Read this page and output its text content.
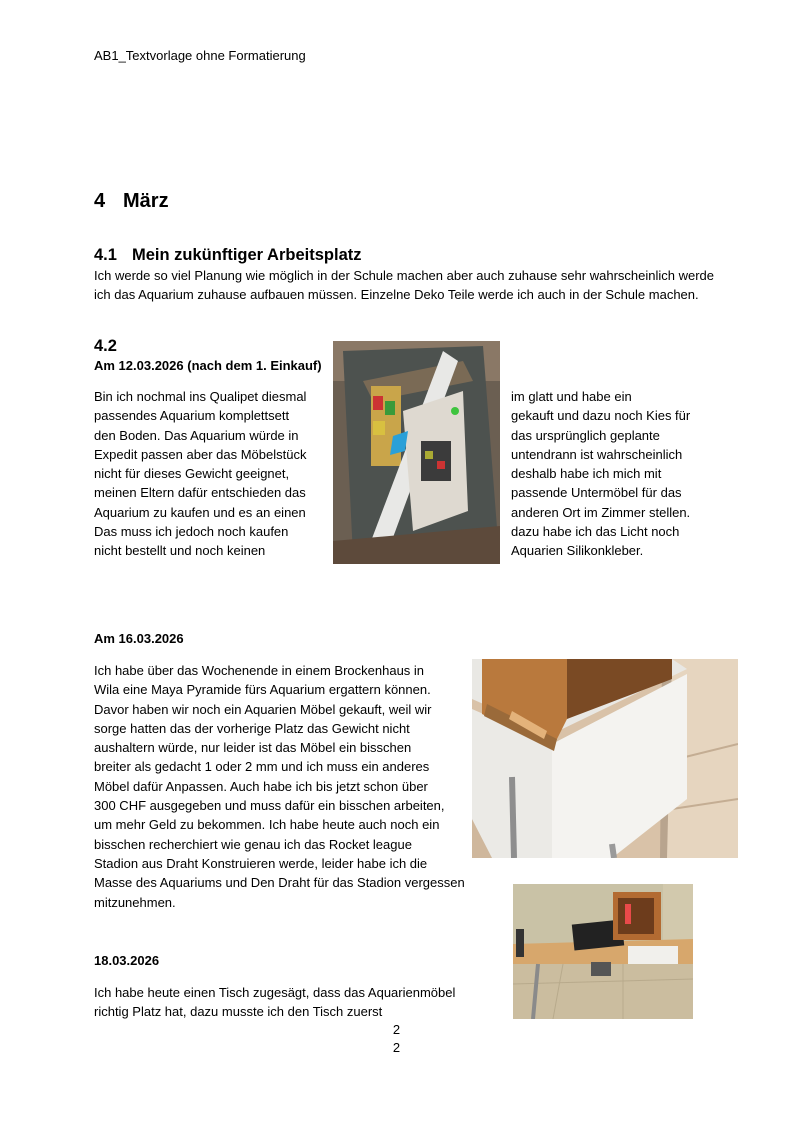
AB1_Textvorlage ohne Formatierung
4 März
4.1 Mein zukünftiger Arbeitsplatz
Ich werde so viel Planung wie möglich in der Schule machen aber auch zuhause sehr wahrscheinlich werde ich das Aquarium zuhause aufbauen müssen. Einzelne Deko Teile werde ich auch in der Schule machen.
4.2
Am 12.03.2026 (nach dem 1. Einkauf)
Bin ich nochmal ins Qualipet diesmal
passendes Aquarium komplettsett
den Boden. Das Aquarium würde in
Expedit passen aber das Möbelstück
nicht für dieses Gewicht geeignet,
meinen Eltern dafür entschieden das
Aquarium zu kaufen und es an einen
Das muss ich jedoch noch kaufen
nicht bestellt und noch keinen
im glatt und habe ein
gekauft und dazu noch Kies für
das ursprünglich geplante
untendrann ist wahrscheinlich
deshalb habe ich mich mit
passende Untermöbel für das
anderen Ort im Zimmer stellen.
dazu habe ich das Licht noch
Aquarien Silikonkleber.
Am 16.03.2026
Ich habe über das Wochenende in einem Brockenhaus in
Wila eine Maya Pyramide fürs Aquarium ergattern können.
Davor haben wir noch ein Aquarien Möbel gekauft, weil wir
sorge hatten das der vorherige Platz das Gewicht nicht
aushaltern würde, nur leider ist das Möbel ein bisschen
breiter als gedacht 1 oder 2 mm und ich muss ein anderes
Möbel dafür Anpassen. Auch habe ich bis jetzt schon über
300 CHF ausgegeben und muss dafür ein bisschen arbeiten,
um mehr Geld zu bekommen. Ich habe heute auch noch ein
bisschen recherchiert wie genau ich das Rocket league
Stadion aus Draht Konstruieren werde, leider habe ich die
Masse des Aquariums und Den Draht für das Stadion vergessen
mitzunehmen.
18.03.2026
Ich habe heute einen Tisch zugesägt, dass das Aquarienmöbel
richtig Platz hat, dazu musste ich den Tisch zuerst
2
2
